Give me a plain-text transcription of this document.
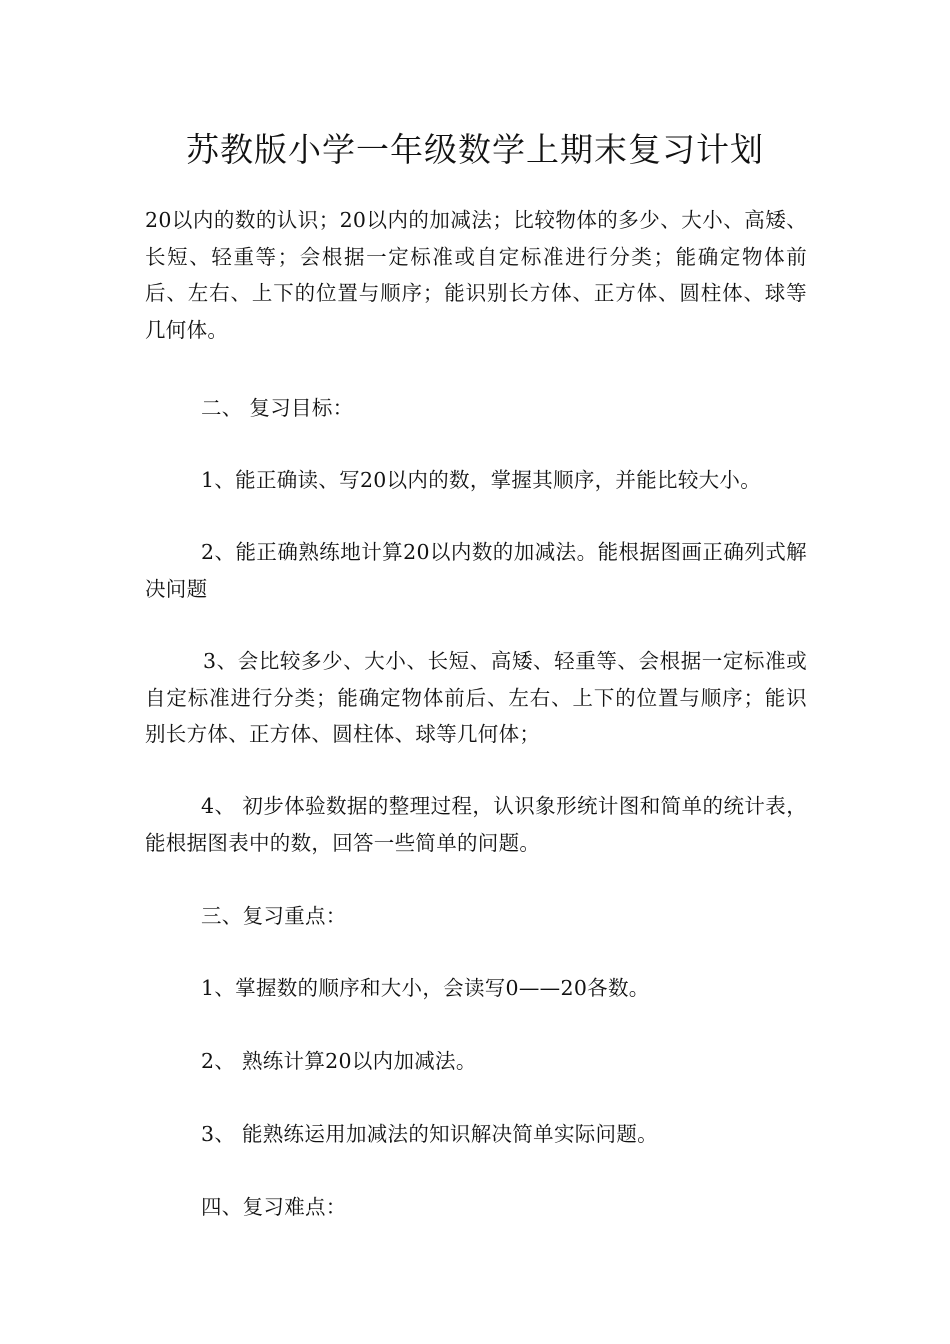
苏教版小学一年级数学上期末复习计划

20以内的数的认识；20以内的加减法；比较物体的多少、大小、高矮、长短、轻重等；会根据一定标准或自定标准进行分类；能确定物体前后、左右、上下的位置与顺序；能识别长方体、正方体、圆柱体、球等几何体。

二、 复习目标：

1、能正确读、写20以内的数，掌握其顺序，并能比较大小。

2、能正确熟练地计算20以内数的加减法。能根据图画正确列式解决问题

3、会比较多少、大小、长短、高矮、轻重等、会根据一定标准或自定标准进行分类；能确定物体前后、左右、上下的位置与顺序；能识别长方体、正方体、圆柱体、球等几何体；

4、 初步体验数据的整理过程，认识象形统计图和简单的统计表，能根据图表中的数，回答一些简单的问题。

三、复习重点：

1、掌握数的顺序和大小，会读写0——20各数。

2、 熟练计算20以内加减法。

3、 能熟练运用加减法的知识解决简单实际问题。

四、复习难点：
